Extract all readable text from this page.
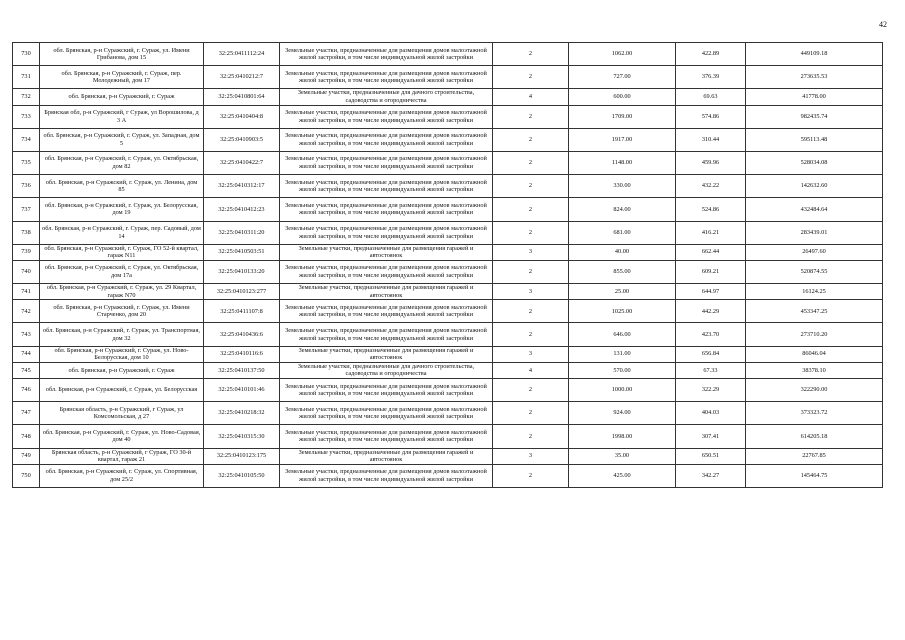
42
730	обл. Брянская, р-н Суражский, г. Сураж, ул. Имени Грибанова, дом 15	32:25:0411112:24	Земельные участки, предназначенные для размещения домов малоэтажной жилой застройки, в том числе индивидуальной жилой застройки	2	1062.00	422.89	449109.18
731	обл. Брянская, р-н Суражский, г. Сураж, пер. Молодежный, дом 17	32:25:0410212:7	Земельные участки, предназначенные для размещения домов малоэтажной жилой застройки, в том числе индивидуальной жилой застройки	2	727.00	376.39	273635.53
732	обл. Брянская, р-н Суражский, г. Сураж	32:25:0410801:64	Земельные участки, предназначенные для дачного строительства, садоводства и огородничества	4	600.00	69.63	41778.00
733	Брянская обл, р-н Суражский, г Сураж, ул Ворошилова, д 3 А	32:25:0410404:8	Земельные участки, предназначенные для размещения домов малоэтажной жилой застройки, в том числе индивидуальной жилой застройки	2	1709.00	574.86	982435.74
734	обл. Брянская, р-н Суражский, г. Сураж, ул. Западная, дом 5	32:25:0410903:5	Земельные участки, предназначенные для размещения домов малоэтажной жилой застройки, в том числе индивидуальной жилой застройки	2	1917.00	310.44	595113.48
735	обл. Брянская, р-н Суражский, г. Сураж, ул. Октябрьская, дом 82	32:25:0410422:7	Земельные участки, предназначенные для размещения домов малоэтажной жилой застройки, в том числе индивидуальной жилой застройки	2	1148.00	459.96	528034.08
736	обл. Брянская, р-н Суражский, г. Сураж, ул. Ленина, дом 85	32:25:0410312:17	Земельные участки, предназначенные для размещения домов малоэтажной жилой застройки, в том числе индивидуальной жилой застройки	2	330.00	432.22	142632.60
737	обл. Брянская, р-н Суражский, г. Сураж, ул. Белорусская, дом 19	32:25:0410412:23	Земельные участки, предназначенные для размещения домов малоэтажной жилой застройки, в том числе индивидуальной жилой застройки	2	824.00	524.86	432484.64
738	обл. Брянская, р-н Суражский, г. Сураж, пер. Садовый, дом 14	32:25:0410311:20	Земельные участки, предназначенные для размещения домов малоэтажной жилой застройки, в том числе индивидуальной жилой застройки	2	681.00	416.21	283439.01
739	обл. Брянская, р-н Суражский, г. Сураж, ГО 52-й квартал, гараж N11	32:25:0410503:51	Земельные участки, предназначенные для размещения гаражей и автостоянок	3	40.00	662.44	26497.60
740	обл. Брянская, р-н Суражский, г. Сураж, ул. Октябрьская, дом 17а	32:25:0410133:20	Земельные участки, предназначенные для размещения домов малоэтажной жилой застройки, в том числе индивидуальной жилой застройки	2	855.00	609.21	520874.55
741	обл. Брянская, р-н Суражский, г. Сураж, ул. 29 Квартал, гараж N70	32:25:0410123:277	Земельные участки, предназначенные для размещения гаражей и автостоянок	3	25.00	644.97	16124.25
742	обл. Брянская, р-н Суражский, г. Сураж, ул. Имени Старченко, дом 20	32:25:0411107:8	Земельные участки, предназначенные для размещения домов малоэтажной жилой застройки, в том числе индивидуальной жилой застройки	2	1025.00	442.29	453347.25
743	обл. Брянская, р-н Суражский, г. Сураж, ул. Транспортная, дом 32	32:25:0410436:6	Земельные участки, предназначенные для размещения домов малоэтажной жилой застройки, в том числе индивидуальной жилой застройки	2	646.00	423.70	273710.20
744	обл. Брянская, р-н Суражский, г. Сураж, ул. Ново-Белорусская, дом 10	32:25:0410116:6	Земельные участки, предназначенные для размещения гаражей и автостоянок	3	131.00	656.84	86046.04
745	обл. Брянская, р-н Суражский, г. Сураж	32:25:0410137:50	Земельные участки, предназначенные для дачного строительства, садоводства и огородничества	4	570.00	67.33	38378.10
746	обл. Брянская, р-н Суражский, г. Сураж, ул. Белорусская	32:25:0410101:46	Земельные участки, предназначенные для размещения домов малоэтажной жилой застройки, в том числе индивидуальной жилой застройки	2	1000.00	322.29	322290.00
747	Брянская область, р-н Суражский, г Сураж, ул Комсомольская, д 27	32:25:0410218:32	Земельные участки, предназначенные для размещения домов малоэтажной жилой застройки, в том числе индивидуальной жилой застройки	2	924.00	404.03	373323.72
748	обл. Брянская, р-н Суражский, г. Сураж, ул. Ново-Садовая, дом 40	32:25:0410315:30	Земельные участки, предназначенные для размещения домов малоэтажной жилой застройки, в том числе индивидуальной жилой застройки	2	1998.00	307.41	614205.18
749	Брянская область, р-н Суражский, г Сураж, ГО 30-й квартал, гараж 21	32:25:0410123:175	Земельные участки, предназначенные для размещения гаражей и автостоянок	3	35.00	650.51	22767.85
750	обл. Брянская, р-н Суражский, г. Сураж, ул. Спортивная, дом 25/2	32:25:0410105:50	Земельные участки, предназначенные для размещения домов малоэтажной жилой застройки, в том числе индивидуальной жилой застройки	2	425.00	342.27	145464.75
